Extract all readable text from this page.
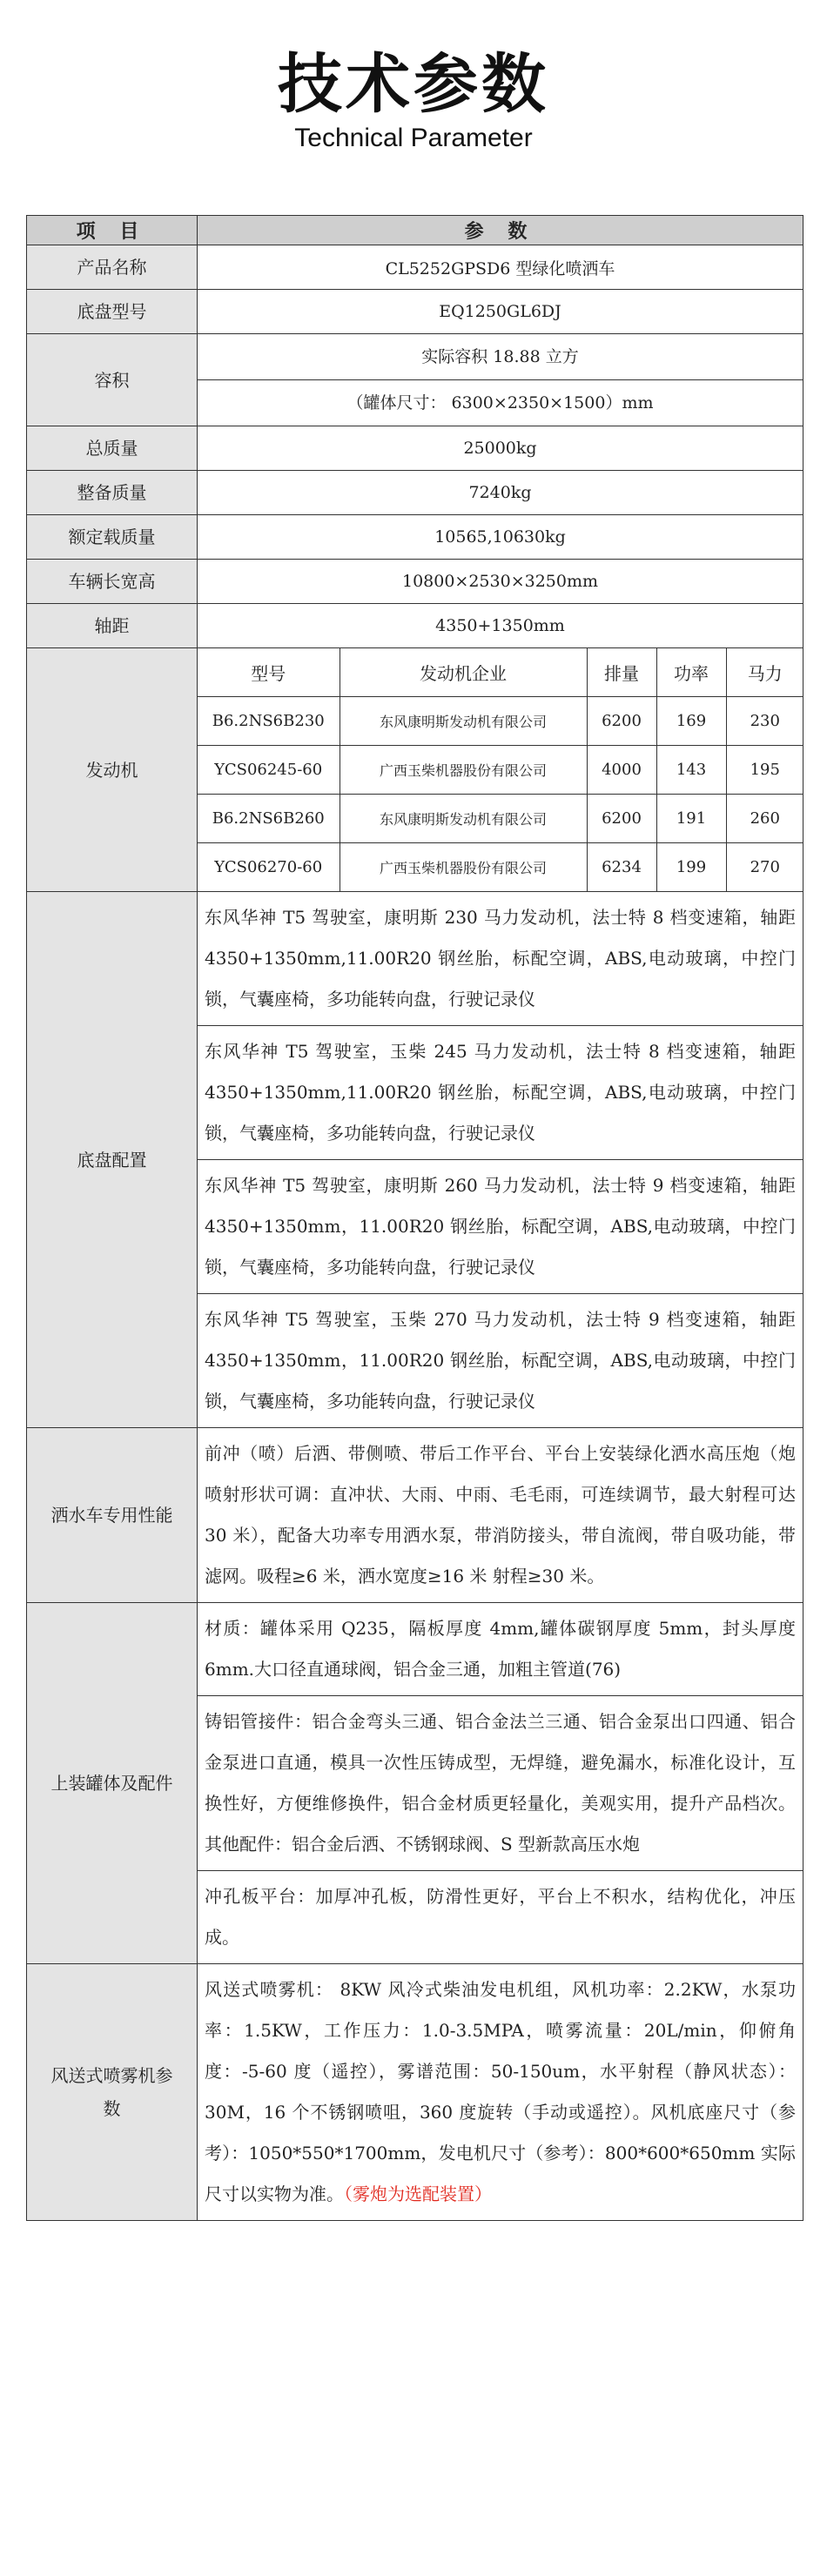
技术参数
Technical Parameter
项 目	参 数
产品名称	CL5252GPSD6 型绿化喷洒车
底盘型号	EQ1250GL6DJ
容积	
实际容积 18.88 立方
（罐体尺寸： 6300×2350×1500）mm

总质量	25000kg
整备质量	7240kg
额定载质量	10565,10630kg
车辆长宽高	10800×2530×3250mm
轴距	4350+1350mm
发动机	
型号	发动机企业	排量	功率	马力
B6.2NS6B230	东风康明斯发动机有限公司	6200	169	230
YCS06245-60	广西玉柴机器股份有限公司	4000	143	195
B6.2NS6B260	东风康明斯发动机有限公司	6200	191	260
YCS06270-60	广西玉柴机器股份有限公司	6234	199	270

底盘配置	
东风华神 T5 驾驶室，康明斯 230 马力发动机，法士特 8 档变速箱，轴距 4350+1350mm,11.00R20 钢丝胎，标配空调，ABS,电动玻璃，中控门锁，气囊座椅，多功能转向盘，行驶记录仪
东风华神 T5 驾驶室，玉柴 245 马力发动机，法士特 8 档变速箱，轴距 4350+1350mm,11.00R20 钢丝胎，标配空调，ABS,电动玻璃，中控门锁，气囊座椅，多功能转向盘，行驶记录仪
东风华神 T5 驾驶室，康明斯 260 马力发动机，法士特 9 档变速箱，轴距 4350+1350mm，11.00R20 钢丝胎，标配空调，ABS,电动玻璃，中控门锁，气囊座椅，多功能转向盘，行驶记录仪
东风华神 T5 驾驶室，玉柴 270 马力发动机，法士特 9 档变速箱，轴距 4350+1350mm，11.00R20 钢丝胎，标配空调，ABS,电动玻璃，中控门锁，气囊座椅，多功能转向盘，行驶记录仪

洒水车专用性能	前冲（喷）后洒、带侧喷、带后工作平台、平台上安装绿化洒水高压炮（炮喷射形状可调：直冲状、大雨、中雨、毛毛雨，可连续调节，最大射程可达 30 米），配备大功率专用洒水泵，带消防接头，带自流阀，带自吸功能，带滤网。吸程≥6 米，洒水宽度≥16 米 射程≥30 米。
上装罐体及配件	
材质：罐体采用 Q235，隔板厚度 4mm,罐体碳钢厚度 5mm，封头厚度 6mm.大口径直通球阀，铝合金三通，加粗主管道(76)
铸铝管接件：铝合金弯头三通、铝合金法兰三通、铝合金泵出口四通、铝合金泵进口直通，模具一次性压铸成型，无焊缝，避免漏水，标准化设计，互换性好，方便维修换件，铝合金材质更轻量化，美观实用，提升产品档次。其他配件：铝合金后洒、不锈钢球阀、S 型新款高压水炮
冲孔板平台：加厚冲孔板，防滑性更好，平台上不积水，结构优化，冲压成。

风送式喷雾机参数	风送式喷雾机： 8KW 风冷式柴油发电机组，风机功率：2.2KW，水泵功率：1.5KW，工作压力：1.0-3.5MPA，喷雾流量：20L/min，仰俯角度：-5-60 度（遥控），雾谱范围：50-150um，水平射程（静风状态）： 30M，16 个不锈钢喷咀，360 度旋转（手动或遥控）。风机底座尺寸（参考）：1050*550*1700mm，发电机尺寸（参考）：800*600*650mm 实际尺寸以实物为准。（雾炮为选配装置）
